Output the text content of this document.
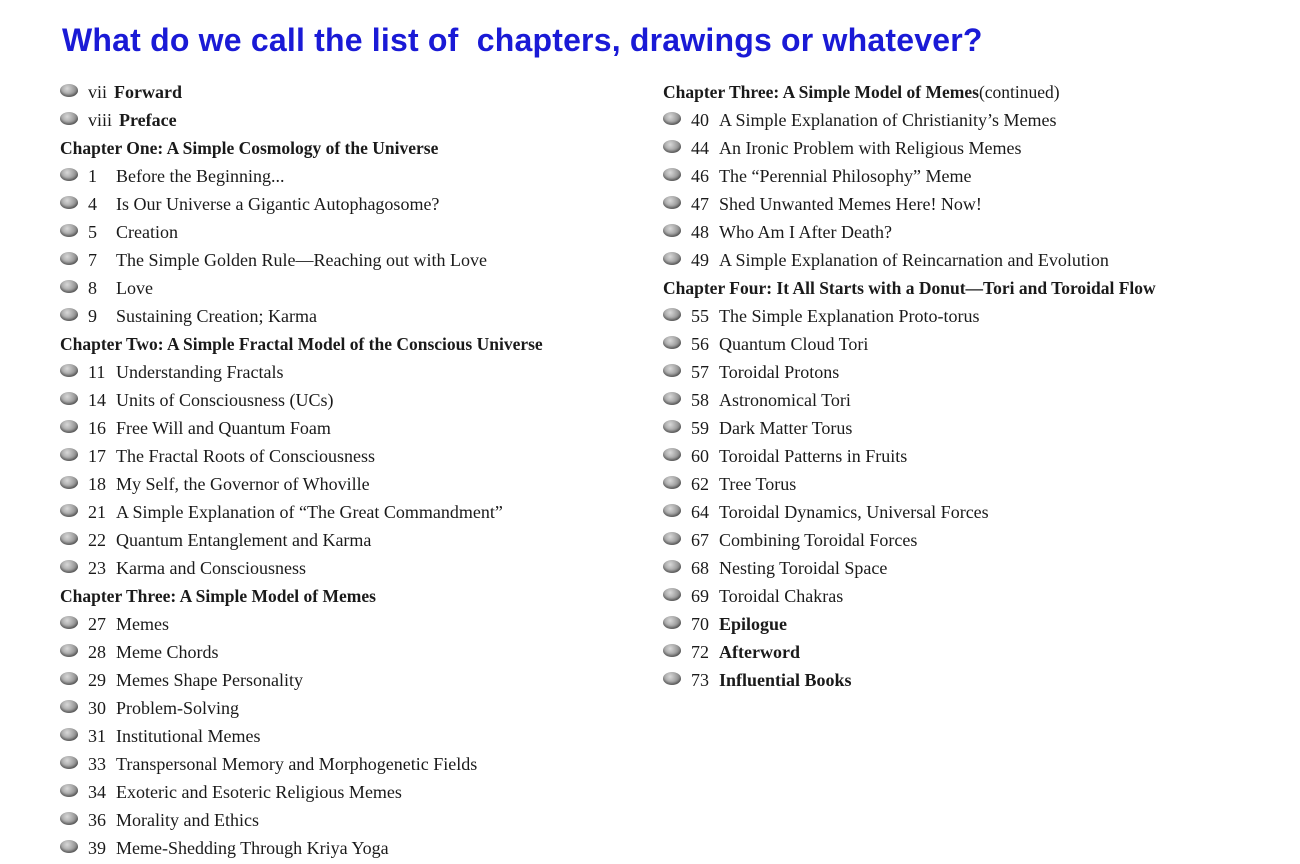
What do we call the list of  chapters, drawings or whatever?
vii Forward
viii Preface
Chapter One: A Simple Cosmology of the Universe
1	Before the Beginning...
4	Is Our Universe a Gigantic Autophagosome?
5	Creation
7	The Simple Golden Rule—Reaching out with Love
8	Love
9	Sustaining Creation; Karma
Chapter Two: A Simple Fractal Model of the Conscious Universe
11 Understanding Fractals
14 Units of Consciousness (UCs)
16 Free Will and Quantum Foam
17 The Fractal Roots of Consciousness
18 My Self, the Governor of Whoville
21 A Simple Explanation of “The Great Commandment”
22 Quantum Entanglement and Karma
23 Karma and Consciousness
Chapter Three: A Simple Model of Memes
27 Memes
28 Meme Chords
29 Memes Shape Personality
30 Problem-Solving
31 Institutional Memes
33 Transpersonal Memory and Morphogenetic Fields
34 Exoteric and Esoteric Religious Memes
36 Morality and Ethics
39 Meme-Shedding Through Kriya Yoga
Chapter Three: A Simple Model of Memes (continued)
40 A Simple Explanation of Christianity’s Memes
44 An Ironic Problem with Religious Memes
46 The “Perennial Philosophy” Meme
47 Shed Unwanted Memes Here! Now!
48 Who Am I After Death?
49 A Simple Explanation of Reincarnation and Evolution
Chapter Four: It All Starts with a Donut—Tori and Toroidal Flow
55 The Simple Explanation Proto-torus
56 Quantum Cloud Tori
57 Toroidal Protons
58 Astronomical Tori
59 Dark Matter Torus
60 Toroidal Patterns in Fruits
62 Tree Torus
64 Toroidal Dynamics, Universal Forces
67 Combining Toroidal Forces
68 Nesting Toroidal Space
69 Toroidal Chakras
70 Epilogue
72 Afterword
73 Influential Books
